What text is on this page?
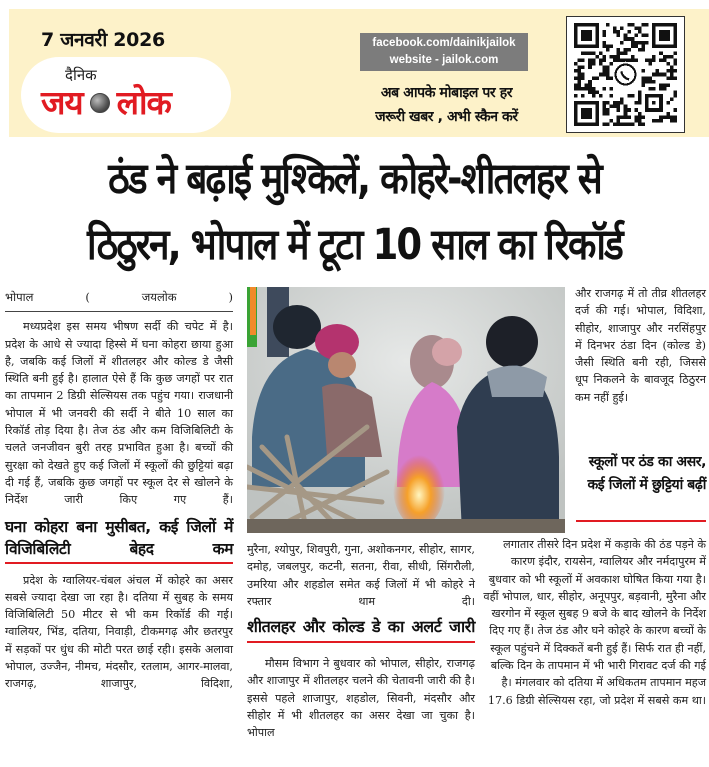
7 जनवरी 2026
दैनिक
जय लोक
facebook.com/dainikjailok
website - jailok.com
अब आपके मोबाइल पर हर
जरूरी खबर , अभी स्कैन करें
ठंड ने बढ़ाई मुश्किलें, कोहरे-शीतलहर से
ठिठुरन, भोपाल में टूटा 10 साल का रिकॉर्ड
भोपाल ( जयलोक )

मध्यप्रदेश इस समय भीषण सर्दी की चपेट में है। प्रदेश के आधे से ज्यादा हिस्से में घना कोहरा छाया हुआ है, जबकि कई जिलों में शीतलहर और कोल्ड डे जैसी स्थिति बनी हुई है। हालात ऐसे हैं कि कुछ जगहों पर रात का तापमान 2 डिग्री सेल्सियस तक पहुंच गया। राजधानी भोपाल में भी जनवरी की सर्दी ने बीते 10 साल का रिकॉर्ड तोड़ दिया है। तेज ठंड और कम विजिबिलिटी के चलते जनजीवन बुरी तरह प्रभावित हुआ है। बच्चों की सुरक्षा को देखते हुए कई जिलों में स्कूलों की छुट्टियां बढ़ा दी गई हैं, जबकि कुछ जगहों पर स्कूल देर से खोलने के निर्देश जारी किए गए हैं।

घना कोहरा बना मुसीबत, कई जिलों में विजिबिलिटी बेहद कम

प्रदेश के ग्वालियर-चंबल अंचल में कोहरे का असर सबसे ज्यादा देखा जा रहा है। दतिया में सुबह के समय विजिबिलिटी 50 मीटर से भी कम रिकॉर्ड की गई। ग्वालियर, भिंड, दतिया, निवाड़ी, टीकमगढ़ और छतरपुर में सड़कों पर धुंध की मोटी परत छाई रही। इसके अलावा भोपाल, उज्जैन, नीमच, मंदसौर, रतलाम, आगर-मालवा, राजगढ़, शाजापुर, विदिशा,

मुरैना, श्योपुर, शिवपुरी, गुना, अशोकनगर, सीहोर, सागर, दमोह, जबलपुर, कटनी, सतना, रीवा, सीधी, सिंगरौली, उमरिया और शहडोल समेत कई जिलों में भी कोहरे ने रफ्तार थाम दी।

शीतलहर और कोल्ड डे का अलर्ट जारी

मौसम विभाग ने बुधवार को भोपाल, सीहोर, राजगढ़ और शाजापुर में शीतलहर चलने की चेतावनी जारी की है। इससे पहले शाजापुर, शहडोल, सिवनी, मंदसौर और सीहोर में भी शीतलहर का असर देखा जा चुका है। भोपाल

और राजगढ़ में तो तीव्र शीतलहर दर्ज की गई। भोपाल, विदिशा, सीहोर, शाजापुर और नरसिंहपुर में दिनभर ठंडा दिन (कोल्ड डे) जैसी स्थिति बनी रही, जिससे धूप निकलने के बावजूद ठिठुरन कम नहीं हुई।

स्कूलों पर ठंड का असर, कई जिलों में छुट्टियां बढ़ीं

लगातार तीसरे दिन प्रदेश में कड़ाके की ठंड पड़ने के कारण इंदौर, रायसेन, ग्वालियर और नर्मदापुरम में बुधवार को भी स्कूलों में अवकाश घोषित किया गया है। वहीं भोपाल, धार, सीहोर, अनूपपुर, बड़वानी, मुरैना और खरगोन में स्कूल सुबह 9 बजे के बाद खोलने के निर्देश दिए गए हैं। तेज ठंड और घने कोहरे के कारण बच्चों के स्कूल पहुंचने में दिक्कतें बनी हुई हैं। सिर्फ रात ही नहीं, बल्कि दिन के तापमान में भी भारी गिरावट दर्ज की गई है। मंगलवार को दतिया में अधिकतम तापमान महज 17.6 डिग्री सेल्सियस रहा, जो प्रदेश में सबसे कम था।
